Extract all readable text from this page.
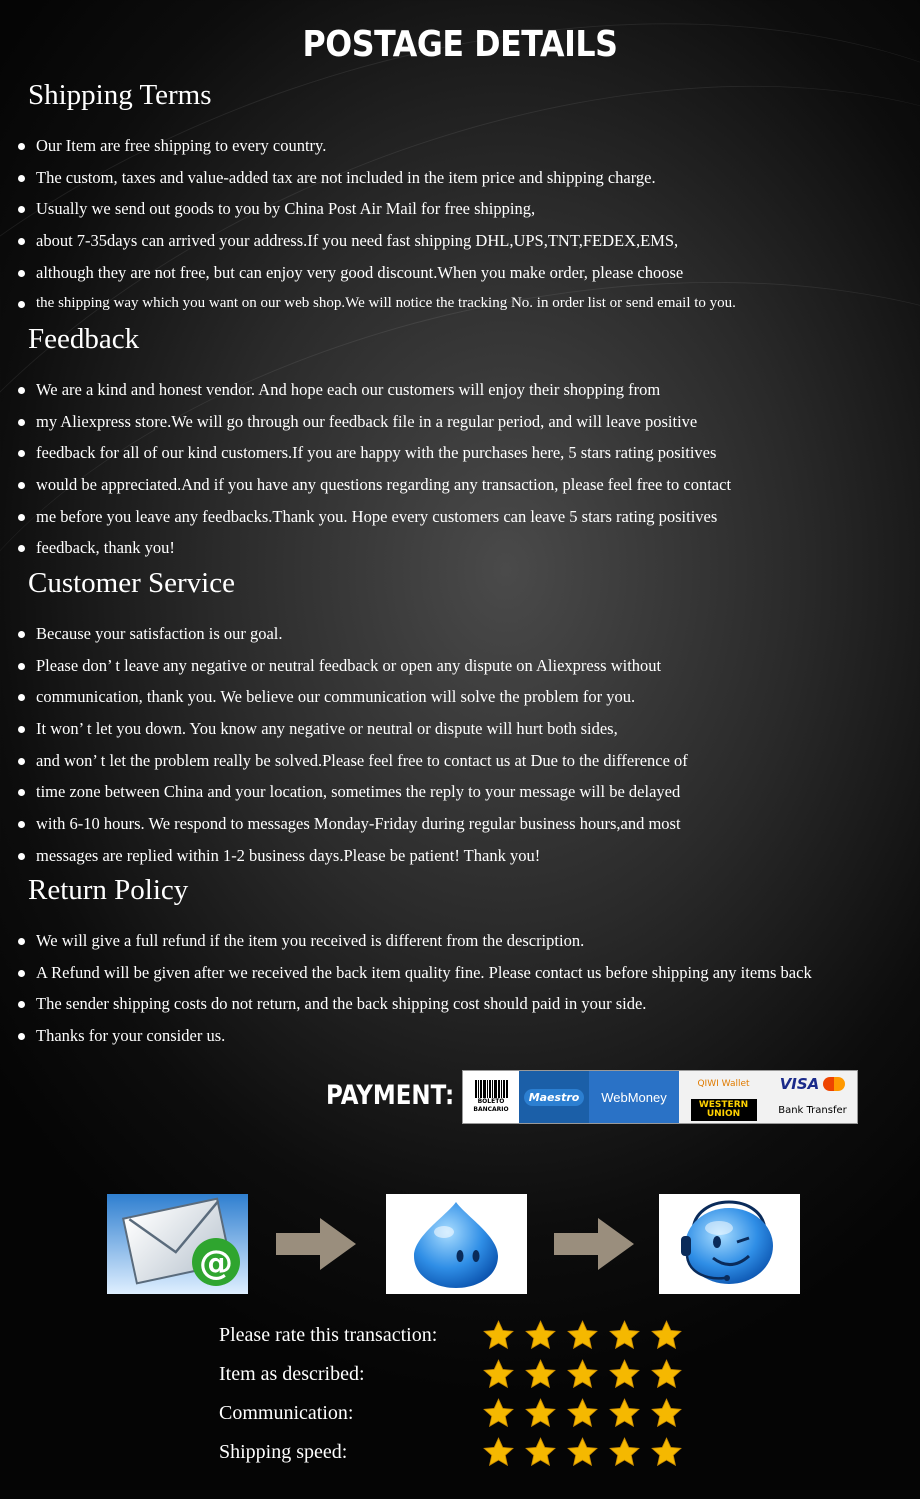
POSTAGE DETAILS
Shipping Terms
Our Item are free shipping to every country.
The custom, taxes and value-added tax are not included in the item price and shipping charge.
Usually we send out goods to you by China Post Air Mail for free shipping,
about 7-35days can arrived your address.If you need fast shipping DHL,UPS,TNT,FEDEX,EMS,
although they are not free, but can enjoy very good discount.When you make order, please choose
the shipping way which you want on our web shop.We will notice the tracking No. in order list or send email to you.
Feedback
We are a kind and honest vendor. And hope each our customers will enjoy their shopping from
my Aliexpress store.We will go through our feedback file in a regular period, and will leave positive
feedback for all of our kind customers.If you are happy with the purchases here, 5 stars rating positives
would be appreciated.And if you have any questions regarding any transaction, please feel free to contact
me before you leave any feedbacks.Thank you. Hope every customers can leave 5 stars rating positives
feedback, thank you!
Customer Service
Because your satisfaction is our goal.
Please don’ t leave any negative or neutral feedback or open any dispute on Aliexpress without
communication, thank you. We believe our communication will solve the problem for you.
It won’ t let you down. You know any negative or neutral or dispute will hurt both sides,
and won’ t let the problem really be solved.Please feel free to contact us at Due to the difference of
time zone between China and your location, sometimes the reply to your message will be delayed
with 6-10 hours. We respond to messages Monday-Friday during regular business hours,and most
messages are replied within 1-2 business days.Please be patient! Thank you!
Return Policy
We will give a full refund if the item you received is different from the description.
A Refund will be given after we received the back item quality fine. Please contact us before shipping any items back
The sender shipping costs do not return, and the back shipping cost should paid in your side.
Thanks for your consider us.
PAYMENT:	BOLETO BANCARIO
Maestro	WebMoney
QIWI Wallet	VISA
WESTERN UNION	Bank Transfer
@
Please rate this transaction:
Item as described:
Communication:
Shipping speed:
